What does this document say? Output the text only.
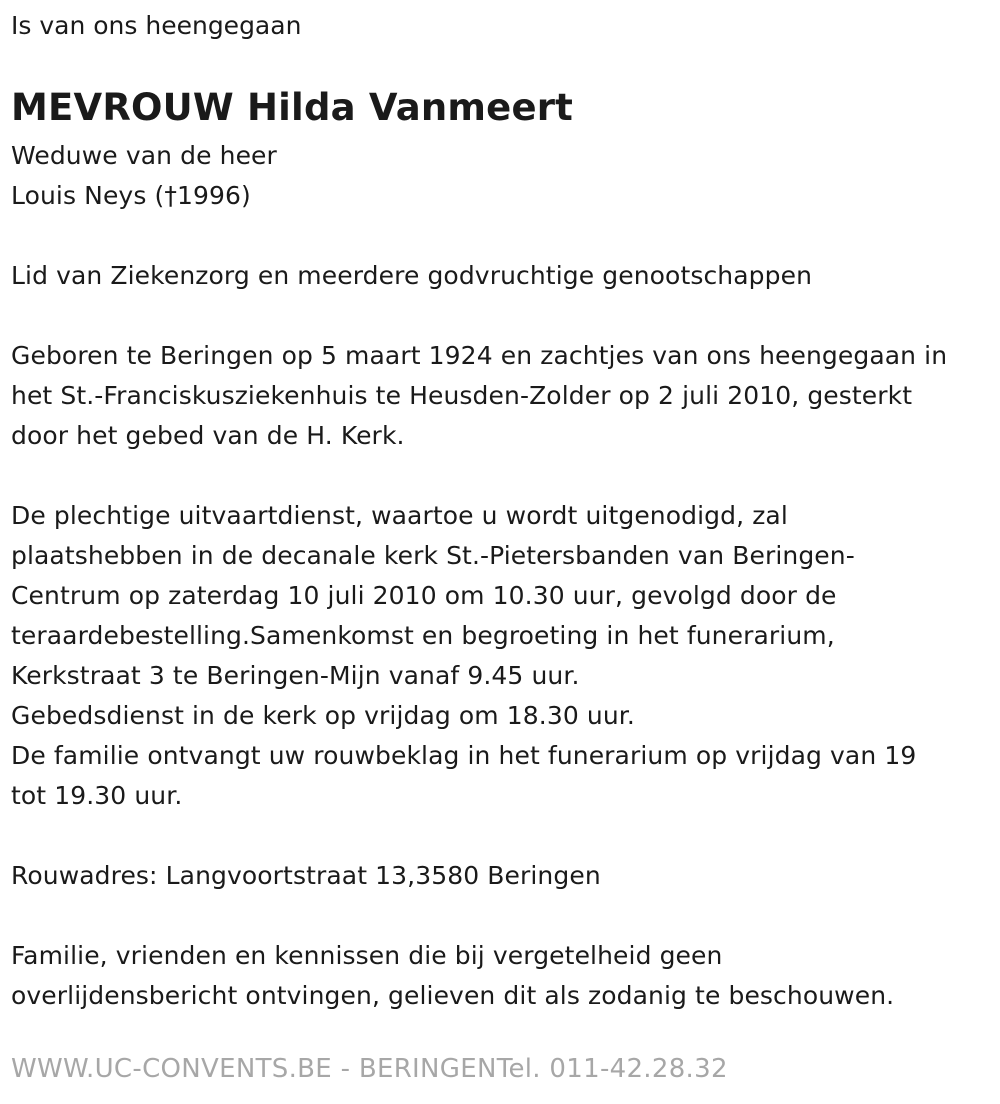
Is van ons heengegaan
MEVROUW Hilda Vanmeert
Weduwe van de heer
Louis Neys (†1996)
Lid van Ziekenzorg en meerdere godvruchtige genootschappen
Geboren te Beringen op 5 maart 1924 en zachtjes van ons heengegaan in
het St.-Franciskusziekenhuis te Heusden-Zolder op 2 juli 2010, gesterkt
door het gebed van de H. Kerk.
De plechtige uitvaartdienst, waartoe u wordt uitgenodigd, zal
plaatshebben in de decanale kerk St.-Pietersbanden van Beringen-
Centrum op zaterdag 10 juli 2010 om 10.30 uur, gevolgd door de
teraardebestelling.Samenkomst en begroeting in het funerarium,
Kerkstraat 3 te Beringen-Mijn vanaf 9.45 uur.
Gebedsdienst in de kerk op vrijdag om 18.30 uur.
De familie ontvangt uw rouwbeklag in het funerarium op vrijdag van 19
tot 19.30 uur.
Rouwadres: Langvoortstraat 13,3580 Beringen
Familie, vrienden en kennissen die bij vergetelheid geen
overlijdensbericht ontvingen, gelieven dit als zodanig te beschouwen.
WWW.UC-CONVENTS.BE - BERINGENTel. 011-42.28.32
